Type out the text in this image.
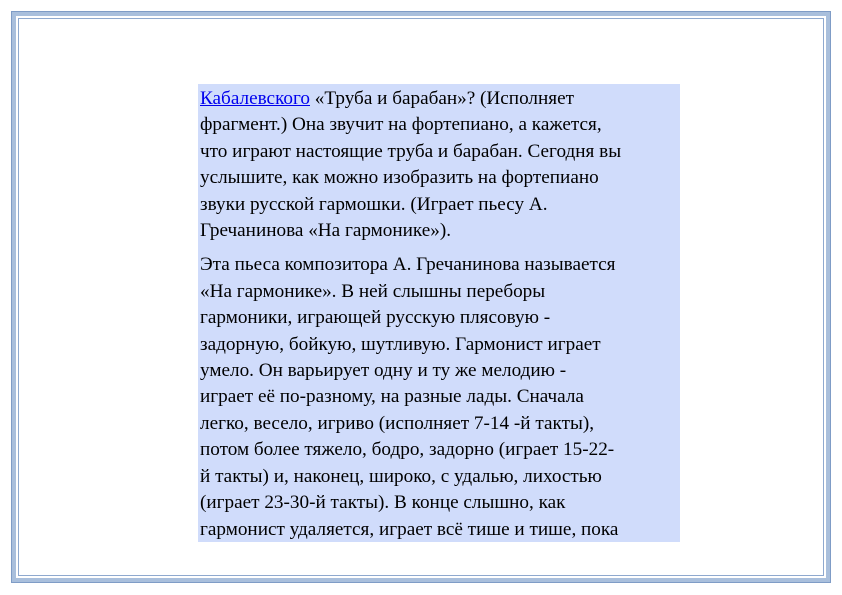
Кабалевского «Труба и барабан»? (Исполняет
фрагмент.) Она звучит на фортепиано, а кажется,
что играют настоящие труба и барабан. Сегодня вы
услышите, как можно изобразить на фортепиано
звуки русской гармошки. (Играет пьесу А.
Гречанинова «На гармонике»).

Эта пьеса композитора А. Гречанинова называется
«На гармонике». В ней слышны переборы
гармоники, играющей русскую плясовую -
задорную, бойкую, шутливую. Гармонист играет
умело. Он варьирует одну и ту же мелодию -
играет её по-разному, на разные лады. Сначала
легко, весело, игриво (исполняет 7-14 -й такты),
потом более тяжело, бодро, задорно (играет 15-22-
й такты) и, наконец, широко, с удалью, лихостью
(играет 23-30-й такты). В конце слышно, как
гармонист удаляется, играет всё тише и тише, пока
